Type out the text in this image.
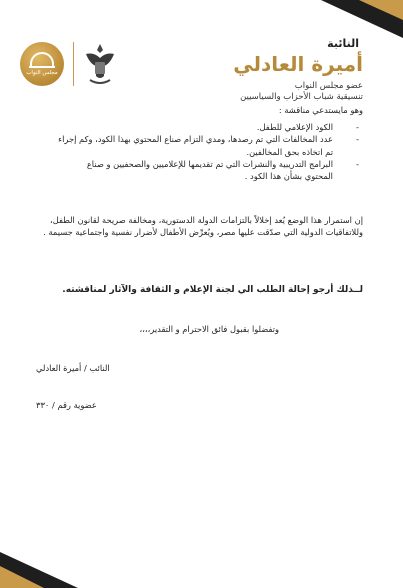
مجلس النواب
النائبة
أميرة العادلي
عضو مجلس النواب
تنسيقية شباب الأحزاب والسياسيين

وهو مايستدعي مناقشة :

- الكود الإعلامي للطفل.
- عدد المخالفات التي تم رصدها، ومدي التزام صناع المحتوي بهذا الكود، وكم إجراء تم اتخاذه بحق المخالفين.
- البرامج التدريبية والنشرات التي تم تقديمها للإعلاميين والصحفيين و صناع المحتوي بشأن هذا الكود .

إن استمرار هذا الوضع يُعد إخلالاً بالتزامات الدولة الدستورية، ومخالفة صريحة لقانون الطفل، وللاتفاقيات الدولية التي صدّقت عليها مصر، ويُعرِّض الأطفال لأضرار نفسية واجتماعية جسيمة .

لــذلك أرجو إحالة الطلب الي لجنة الإعلام و الثقافة والآثار لمناقشته.

وتفضلوا بقبول فائق الاحترام و التقدير،،،،

النائب / أميرة العادلي

عضوية رقم / ٣٣٠
